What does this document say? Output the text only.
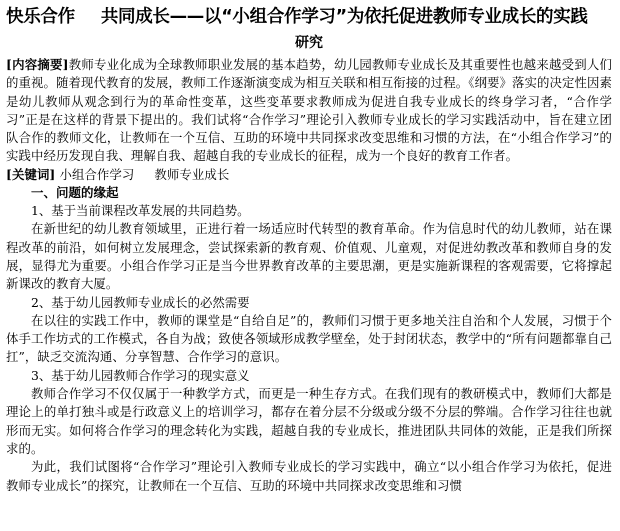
快乐合作 共同成长——以“小组合作学习”为依托促进教师专业成长的实践
研究

[内容摘要]教师专业化成为全球教师职业发展的基本趋势，幼儿园教师专业成长及其重要性也越来越受到人们的重视。随着现代教育的发展，教师工作逐渐演变成为相互关联和相互衔接的过程。《纲要》落实的决定性因素是幼儿教师从观念到行为的革命性变革，这些变革要求教师成为促进自我专业成长的终身学习者，“合作学习”正是在这样的背景下提出的。我们试将“合作学习”理论引入教师专业成长的学习实践活动中，旨在建立团队合作的教师文化，让教师在一个互信、互助的环境中共同探求改变思维和习惯的方法，在“小组合作学习”的实践中经历发现自我、理解自我、超越自我的专业成长的征程，成为一个良好的教育工作者。

[关键词] 小组合作学习 教师专业成长

一、问题的缘起
1、基于当前课程改革发展的共同趋势。

在新世纪的幼儿教育领域里，正进行着一场适应时代转型的教育革命。作为信息时代的幼儿教师，站在课程改革的前沿，如何树立发展理念，尝试探索新的教育观、价值观、儿童观，对促进幼教改革和教师自身的发展，显得尤为重要。小组合作学习正是当今世界教育改革的主要思潮，更是实施新课程的客观需要，它将撑起新课改的教育大厦。

2、基于幼儿园教师专业成长的必然需要

在以往的实践工作中，教师的课堂是“自给自足”的，教师们习惯于更多地关注自治和个人发展，习惯于个体手工作坊式的工作模式，各自为战；致使各领域形成教学壁垒，处于封闭状态，教学中的“所有问题都靠自己扛”，缺乏交流沟通、分享智慧、合作学习的意识。

3、基于幼儿园教师合作学习的现实意义

教师合作学习不仅仅属于一种教学方式，而更是一种生存方式。在我们现有的教研模式中，教师们大都是理论上的单打独斗或是行政意义上的培训学习，都存在着分层不分级或分级不分层的弊端。合作学习往往也就形而无实。如何将合作学习的理念转化为实践，超越自我的专业成长，推进团队共同体的效能，正是我们所探求的。

为此，我们试图将“合作学习”理论引入教师专业成长的学习实践中，确立“以小组合作学习为依托，促进教师专业成长”的探究，让教师在一个互信、互助的环境中共同探求改变思维和习惯
